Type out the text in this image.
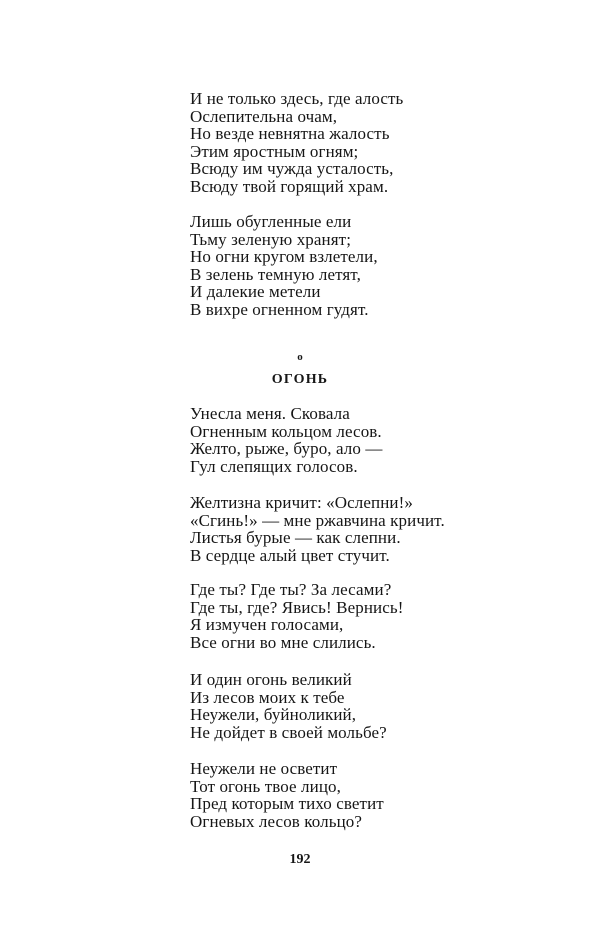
И не только здесь, где алость
Ослепительна очам,
Но везде невнятна жалость
Этим яростным огням;
Всюду им чужда усталость,
Всюду твой горящий храм.
Лишь обугленные ели
Тьму зеленую хранят;
Но огни кругом взлетели,
В зелень темную летят,
И далекие метели
В вихре огненном гудят.
о
ОГОНЬ
Унесла меня. Сковала
Огненным кольцом лесов.
Желто, рыже, буро, ало —
Гул слепящих голосов.
Желтизна кричит: «Ослепни!»
«Сгинь!» — мне ржавчина кричит.
Листья бурые — как слепни.
В сердце алый цвет стучит.
Где ты? Где ты? За лесами?
Где ты, где? Явись! Вернись!
Я измучен голосами,
Все огни во мне слились.
И один огонь великий
Из лесов моих к тебе
Неужели, буйноликий,
Не дойдет в своей мольбе?
Неужели не осветит
Тот огонь твое лицо,
Пред которым тихо светит
Огневых лесов кольцо?
192
